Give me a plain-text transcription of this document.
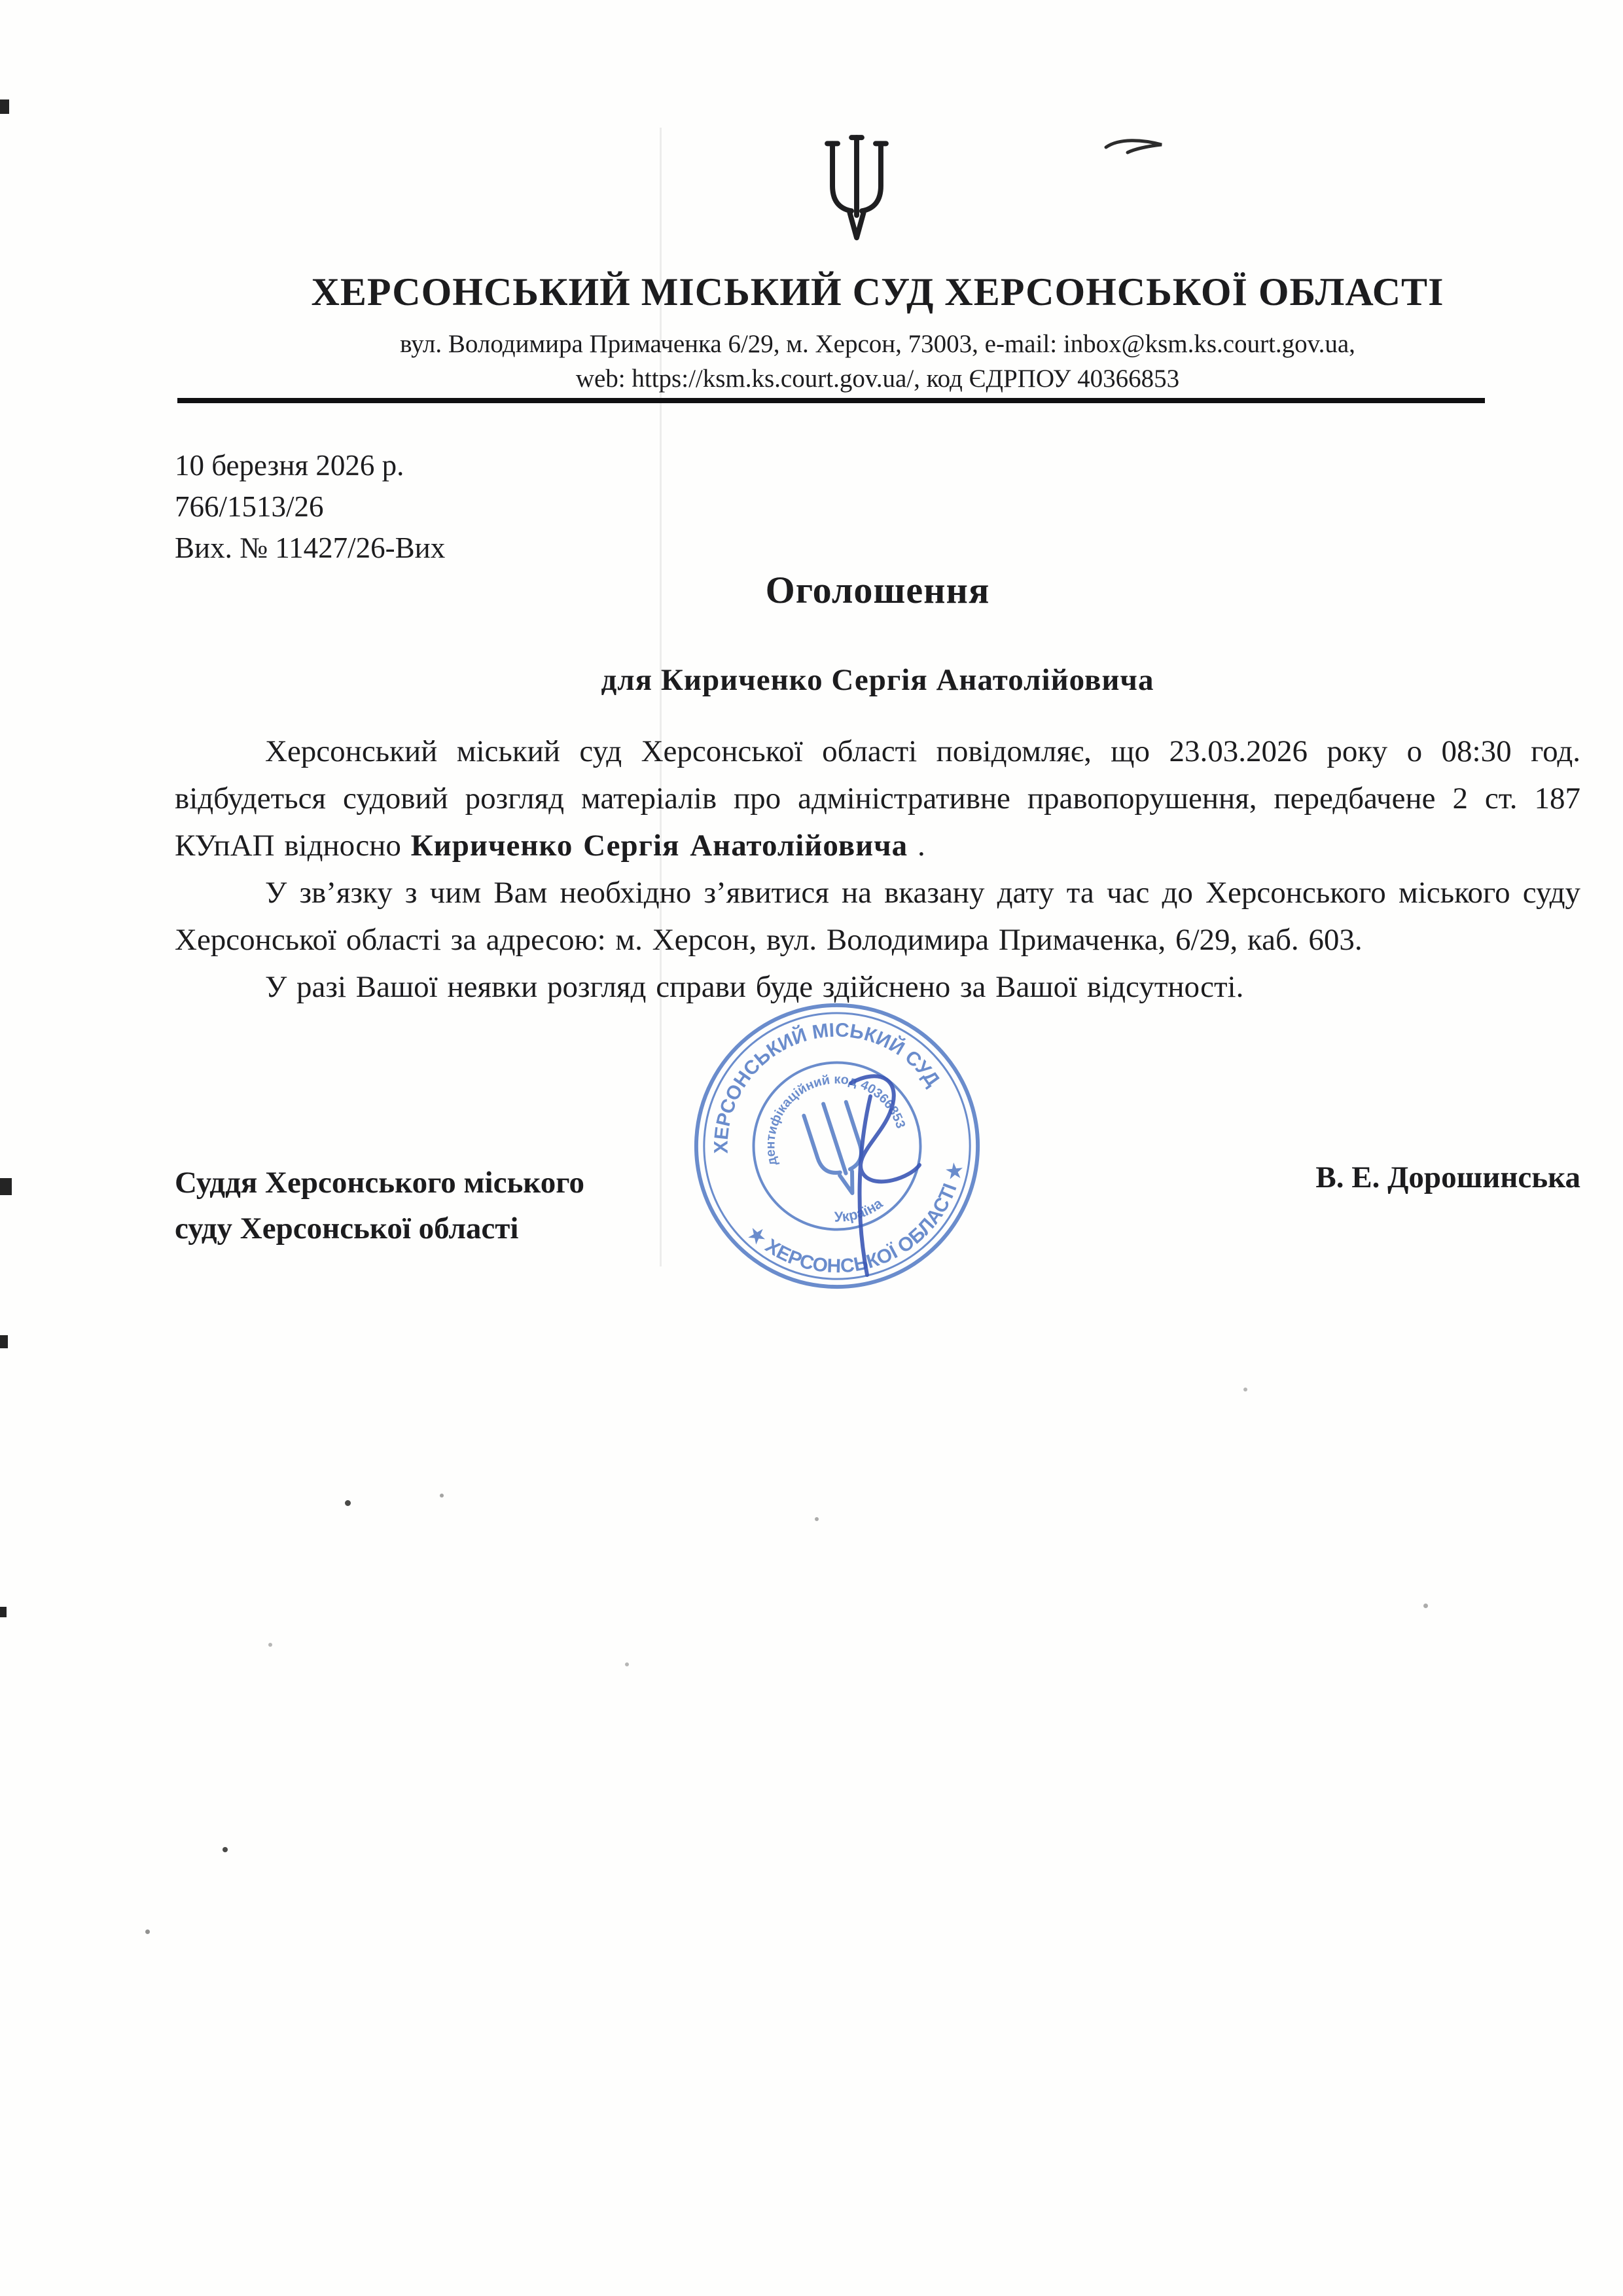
ХЕРСОНСЬКИЙ МІСЬКИЙ СУД ХЕРСОНСЬКОЇ ОБЛАСТІ
вул. Володимира Примаченка 6/29, м. Херсон, 73003, e-mail: inbox@ksm.ks.court.gov.ua,
web: https://ksm.ks.court.gov.ua/, код ЄДРПОУ 40366853
10 березня 2026 р.
766/1513/26
Вих. № 11427/26-Вих
Оголошення
для Кириченко Сергія Анатолійовича

Херсонський міський суд Херсонської області повідомляє, що 23.03.2026 року о 08:30 год. відбудеться судовий розгляд матеріалів про адміністративне правопорушення, передбачене 2 ст. 187 КУпАП відносно Кириченко Сергія Анатолійовича .

У зв’язку з чим Вам необхідно з’явитися на вказану дату та час до Херсонського міського суду Херсонської області за адресою: м. Херсон, вул. Володимира Примаченка, 6/29, каб. 603.

У разі Вашої неявки розгляд справи буде здійснено за Вашої відсутності.

Суддя Херсонського міського
суду Херсонської області
В. Е. Дорошинська
ХЕРСОНСЬКИЙ МІСЬКИЙ СУД
★ ХЕРСОНСЬКОЇ ОБЛАСТІ ★
Ідентифікаційний код 40366853
Україна
